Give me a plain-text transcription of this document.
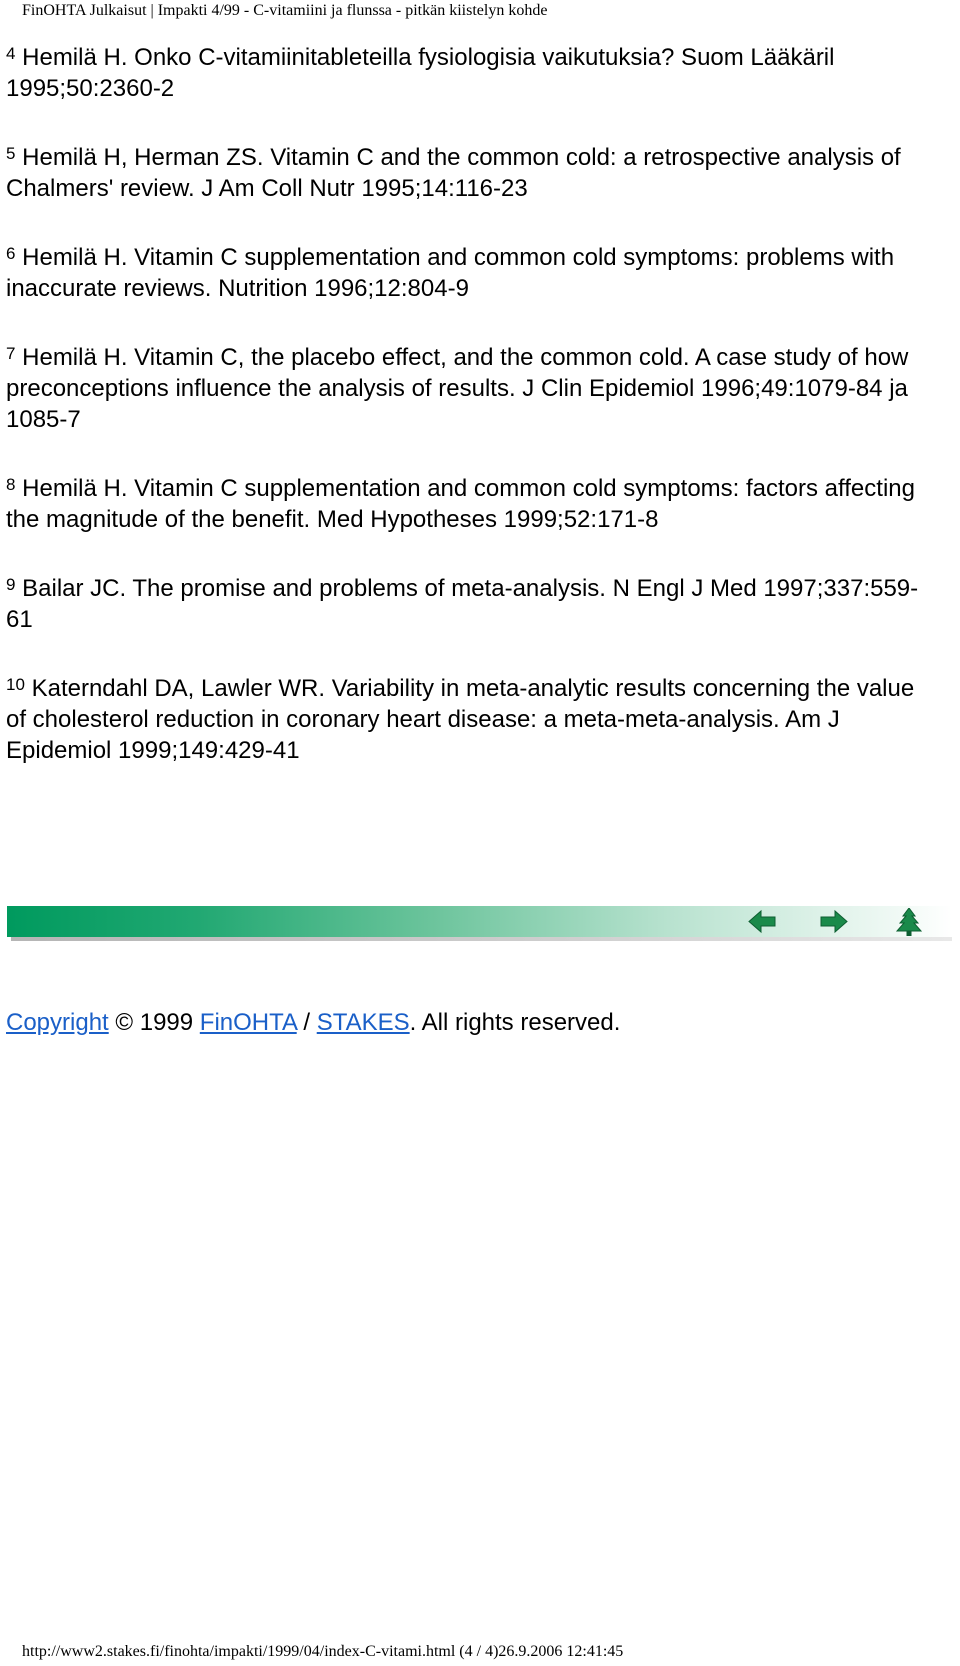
FinOHTA Julkaisut | Impakti 4/99 - C-vitamiini ja flunssa - pitkän kiistelyn kohde

$^4$ Hemilä H. Onko C-vitamiinitableteilla fysiologisia vaikutuksia? Suom Lääkäril 1995;50:2360-2

$^5$ Hemilä H, Herman ZS. Vitamin C and the common cold: a retrospective analysis of Chalmers' review. J Am Coll Nutr 1995;14:116-23

$^6$ Hemilä H. Vitamin C supplementation and common cold symptoms: problems with inaccurate reviews. Nutrition 1996;12:804-9

$^7$ Hemilä H. Vitamin C, the placebo effect, and the common cold. A case study of how preconceptions influence the analysis of results. J Clin Epidemiol 1996;49:1079-84 ja 1085-7

$^8$ Hemilä H. Vitamin C supplementation and common cold symptoms: factors affecting the magnitude of the benefit. Med Hypotheses 1999;52:171-8

$^9$ Bailar JC. The promise and problems of meta-analysis. N Engl J Med 1997;337:559-61

$^{10}$ Katerndahl DA, Lawler WR. Variability in meta-analytic results concerning the value of cholesterol reduction in coronary heart disease: a meta-meta-analysis. Am J Epidemiol 1999;149:429-41

Copyright © 1999 FinOHTA / STAKES. All rights reserved.
http://www2.stakes.fi/finohta/impakti/1999/04/index-C-vitami.html (4 / 4)26.9.2006 12:41:45
